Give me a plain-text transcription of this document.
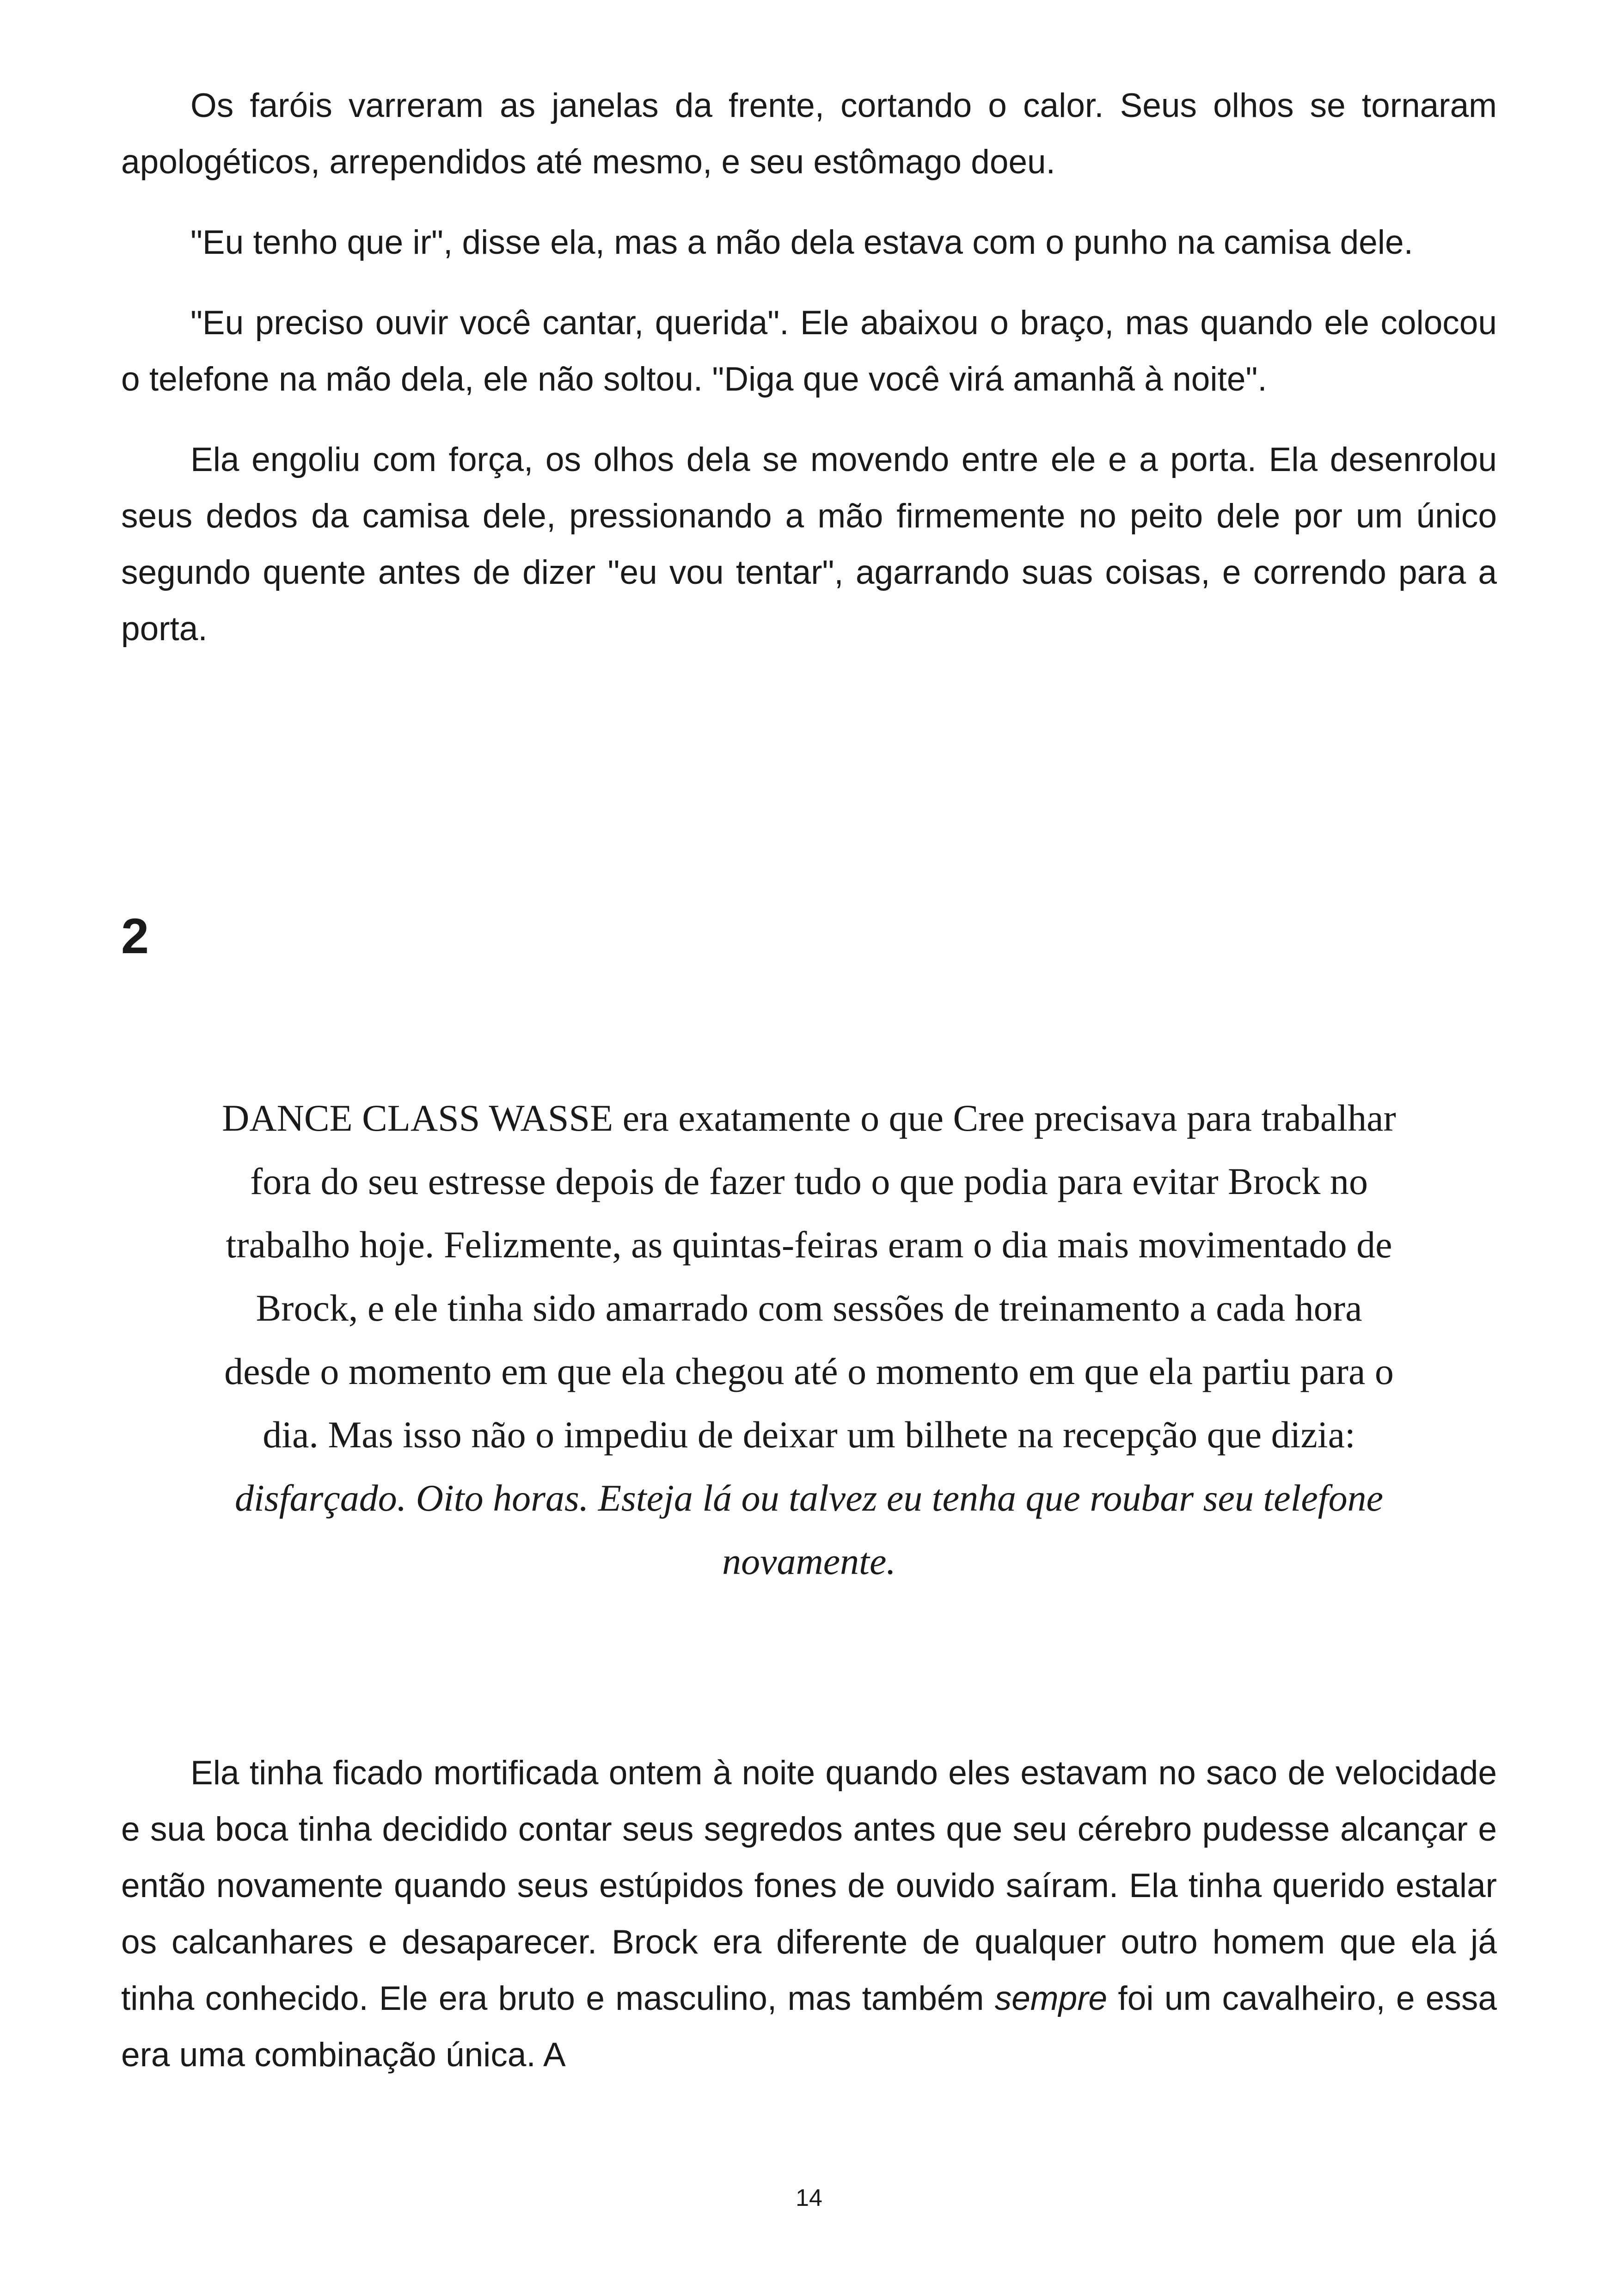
Os faróis varreram as janelas da frente, cortando o calor. Seus olhos se tornaram apologéticos, arrependidos até mesmo, e seu estômago doeu.

"Eu tenho que ir", disse ela, mas a mão dela estava com o punho na camisa dele.

"Eu preciso ouvir você cantar, querida". Ele abaixou o braço, mas quando ele colocou o telefone na mão dela, ele não soltou. "Diga que você virá amanhã à noite".

Ela engoliu com força, os olhos dela se movendo entre ele e a porta. Ela desenrolou seus dedos da camisa dele, pressionando a mão firmemente no peito dele por um único segundo quente antes de dizer "eu vou tentar", agarrando suas coisas, e correndo para a porta.

2

DANCE CLASS WASSE era exatamente o que Cree precisava para trabalhar fora do seu estresse depois de fazer tudo o que podia para evitar Brock no trabalho hoje. Felizmente, as quintas-feiras eram o dia mais movimentado de Brock, e ele tinha sido amarrado com sessões de treinamento a cada hora desde o momento em que ela chegou até o momento em que ela partiu para o dia. Mas isso não o impediu de deixar um bilhete na recepção que dizia: disfarçado. Oito horas. Esteja lá ou talvez eu tenha que roubar seu telefone novamente.

Ela tinha ficado mortificada ontem à noite quando eles estavam no saco de velocidade e sua boca tinha decidido contar seus segredos antes que seu cérebro pudesse alcançar e então novamente quando seus estúpidos fones de ouvido saíram. Ela tinha querido estalar os calcanhares e desaparecer. Brock era diferente de qualquer outro homem que ela já tinha conhecido. Ele era bruto e masculino, mas também sempre foi um cavalheiro, e essa era uma combinação única. A

14
